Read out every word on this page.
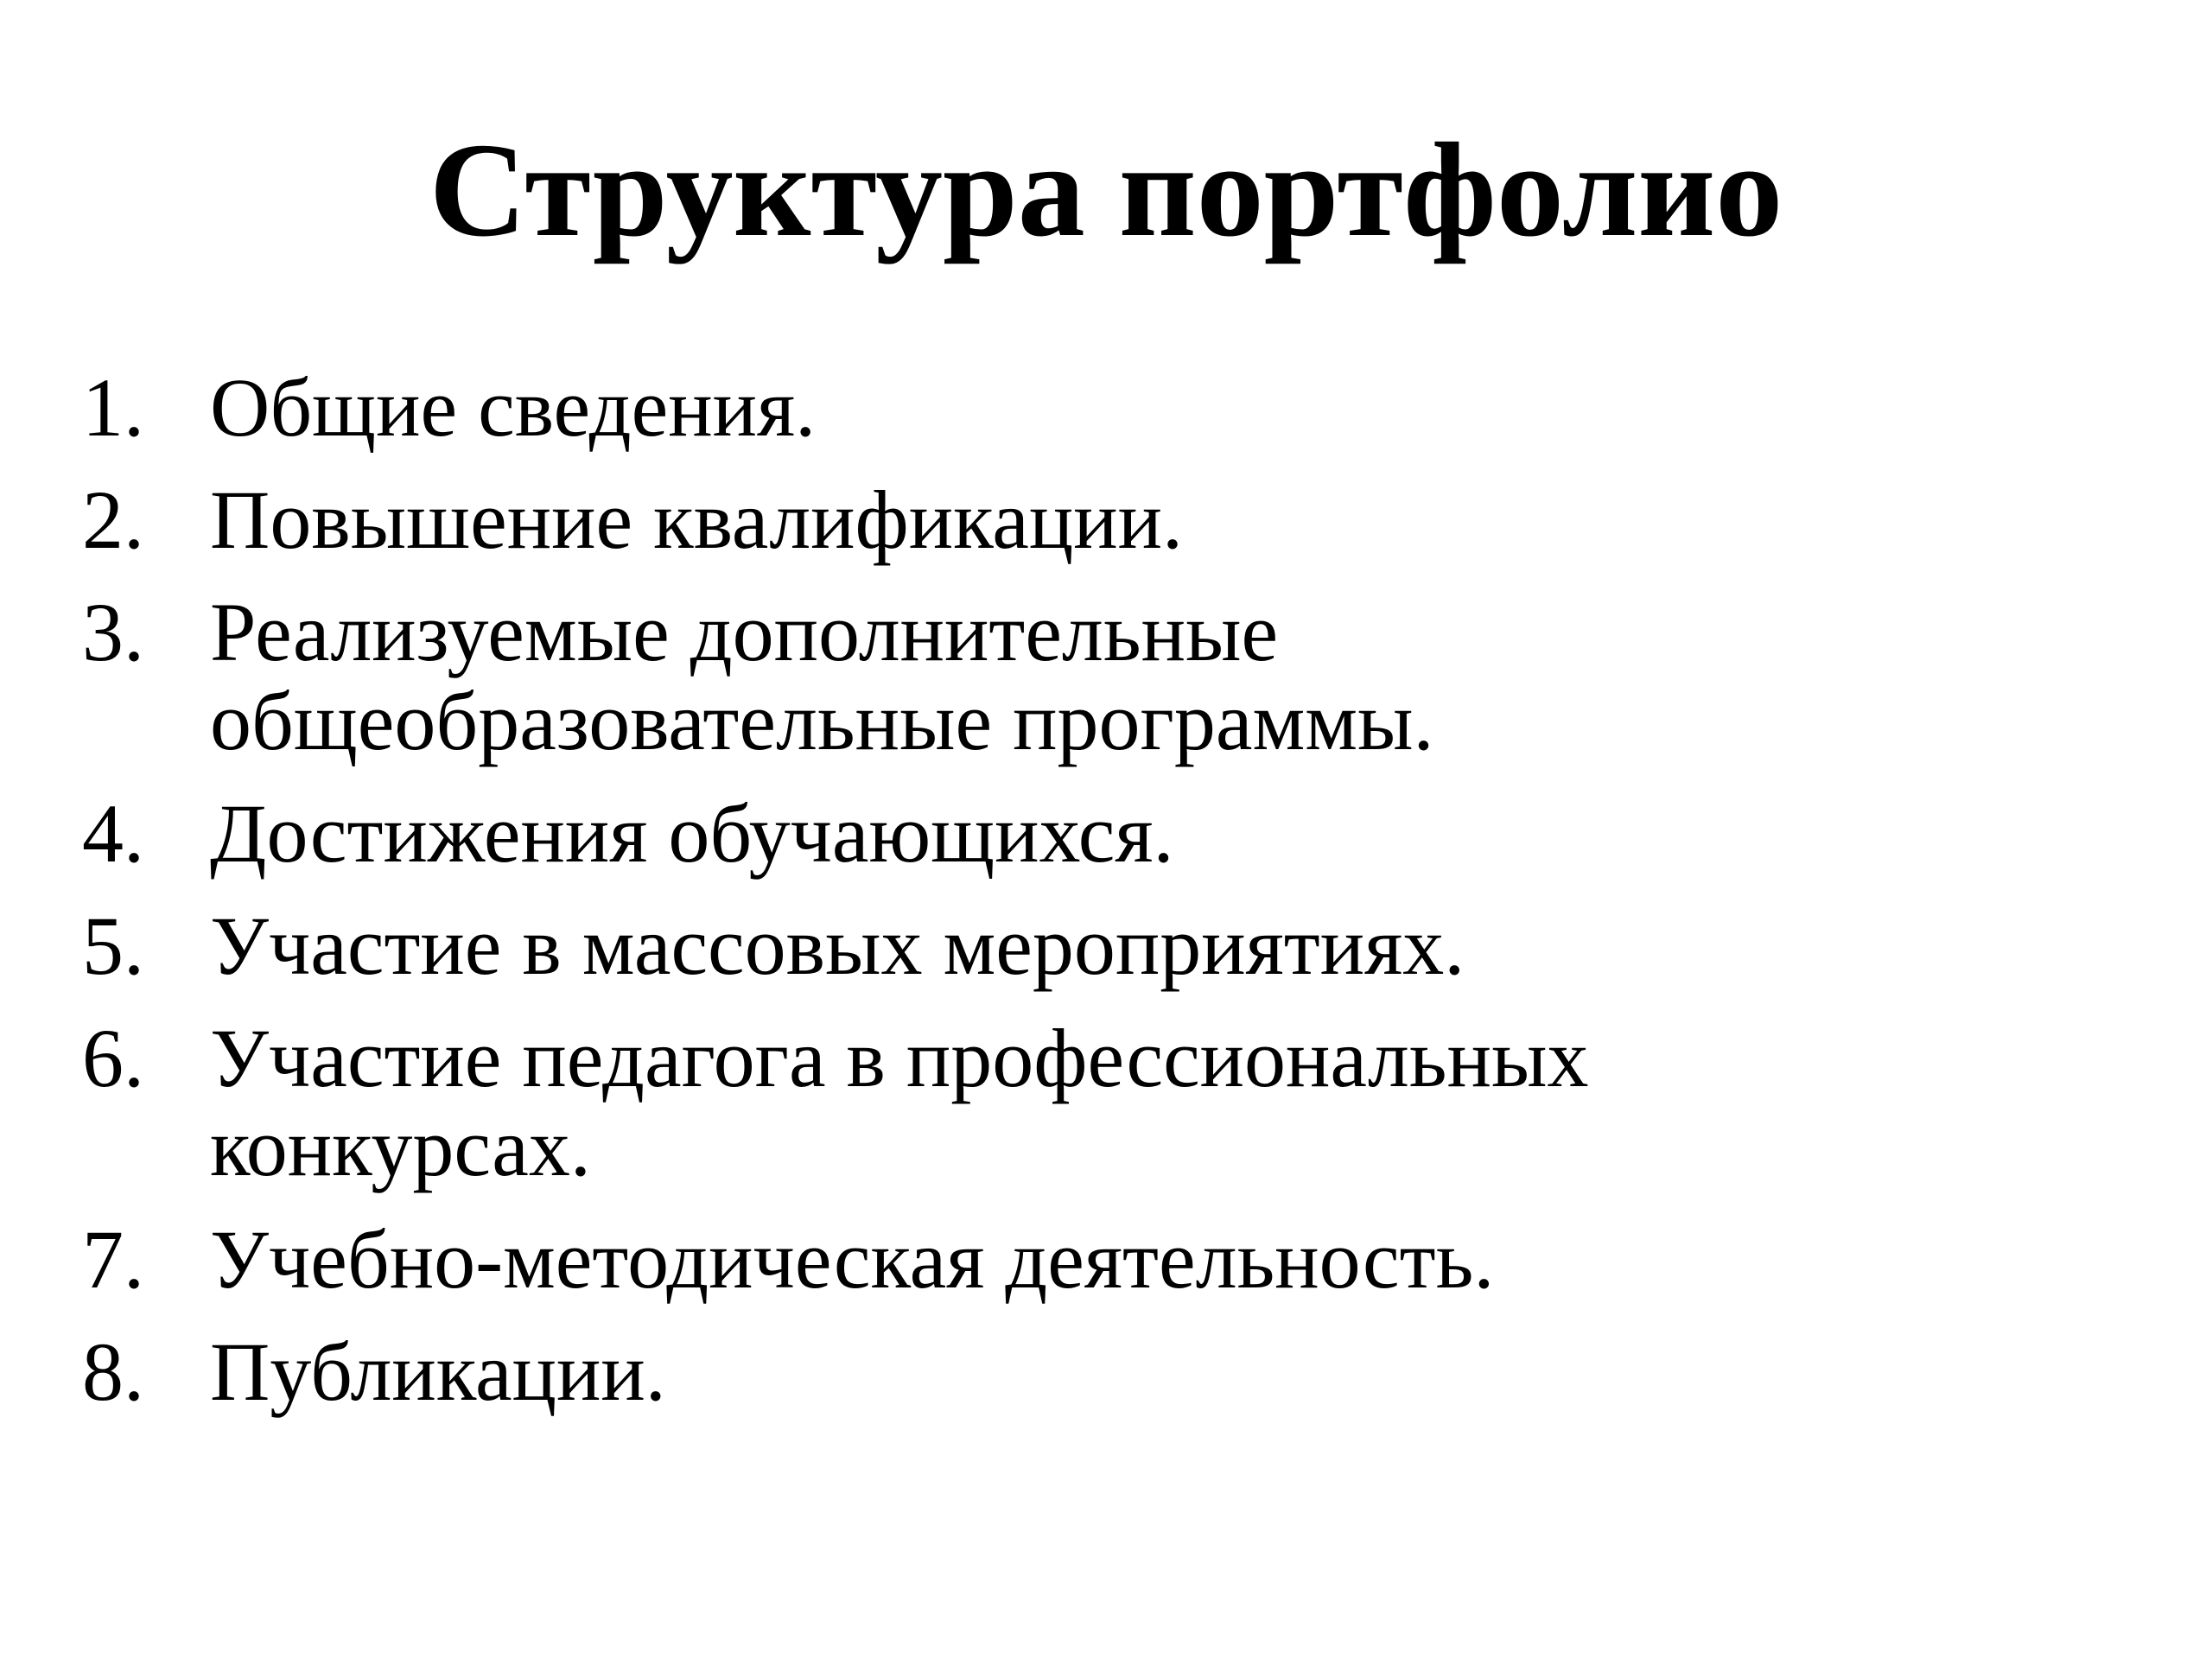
Структура портфолио
1. Общие сведения.
2. Повышение квалификации.
3. Реализуемые дополнительные
общеобразовательные программы.
4. Достижения обучающихся.
5. Участие в массовых мероприятиях.
6. Участие педагога в профессиональных
конкурсах.
7. Учебно-методическая деятельность.
8. Публикации.
